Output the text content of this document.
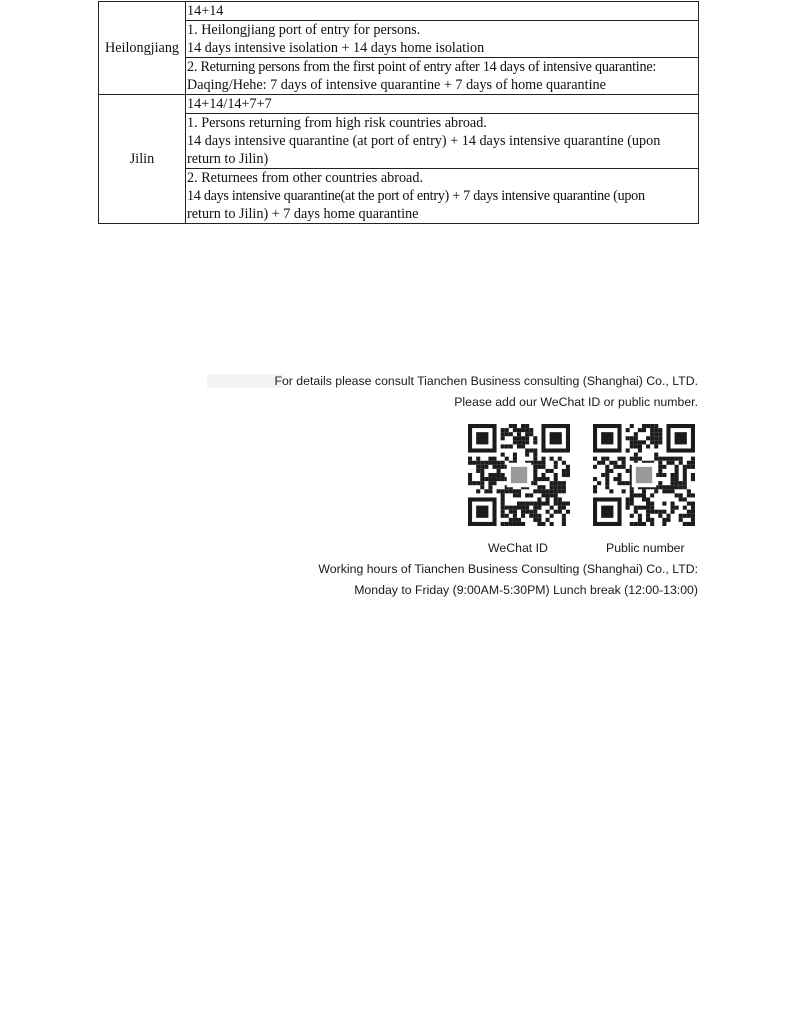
Heilongjiang	14+14

	1. Heilongjiang port of entry for persons.
14 days intensive isolation + 14 days home isolation

	2. Returning persons from the first point of entry after 14 days of intensive quarantine:
Daqing/Hehe: 7 days of intensive quarantine + 7 days of home quarantine

Jilin	14+14/14+7+7

	1. Persons returning from high risk countries abroad.
14 days intensive quarantine (at port of entry) + 14 days intensive quarantine (upon
return to Jilin)

	2. Returnees from other countries abroad.
14 days intensive quarantine(at the port of entry) + 7 days intensive quarantine (upon
return to Jilin) + 7 days home quarantine
For details please consult Tianchen Business consulting (Shanghai) Co., LTD.
Please add our WeChat ID or public number.
WeChat ID	Public number
Working hours of Tianchen Business Consulting (Shanghai) Co., LTD:
Monday to Friday (9:00AM-5:30PM) Lunch break (12:00-13:00)
